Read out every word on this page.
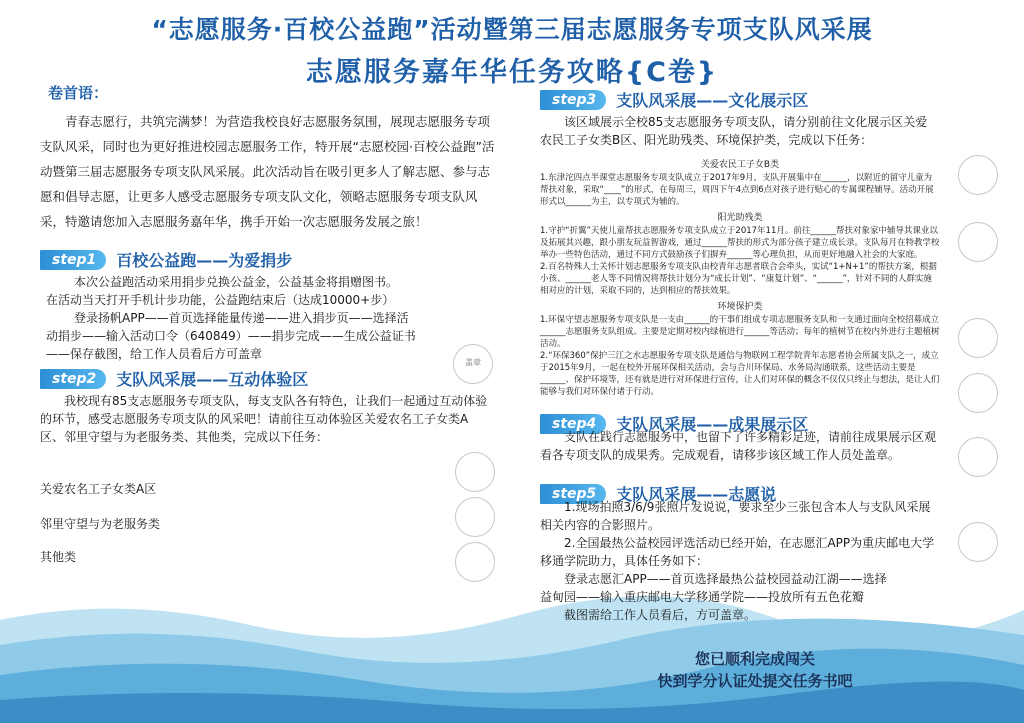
“志愿服务·百校公益跑”活动暨第三届志愿服务专项支队风采展
志愿服务嘉年华任务攻略{C卷}
卷首语：

青春志愿行，共筑完满梦！为营造我校良好志愿服务氛围，展现志愿服务专项支队风采，同时也为更好推进校园志愿服务工作，特开展“志愿校园·百校公益跑”活动暨第三届志愿服务专项支队风采展。此次活动旨在吸引更多人了解志愿、参与志愿和倡导志愿，让更多人感受志愿服务专项支队文化，领略志愿服务专项支队风采，特邀请您加入志愿服务嘉年华，携手开始一次志愿服务发展之旅！

step1	百校公益跑——为爱捐步

本次公益跑活动采用捐步兑换公益金，公益基金将捐赠图书。

在活动当天打开手机计步功能，公益跑结束后（达成10000+步）

登录扬帆APP——首页选择能量传递——进入捐步页——选择活

动捐步——输入活动口令（640849）——捐步完成——生成公益证书

——保存截图，给工作人员看后方可盖章

step2	支队风采展——互动体验区

我校现有85支志愿服务专项支队，每支支队各有特色，让我们一起通过互动体验的环节，感受志愿服务专项支队的风采吧！请前往互动体验区关爱农名工子女类A区、邻里守望与为老服务类、其他类，完成以下任务：

盖章
关爱农名工子女类A区
邻里守望与为老服务类
其他类
step3	支队风采展——文化展示区

该区域展示全校85支志愿服务专项支队，请分别前往文化展示区关爱农民工子女类B区、阳光助残类、环境保护类，完成以下任务：

关爱农民工子女B类

1.东津沱四点半课堂志愿服务专项支队成立于2017年9月，支队开展集中在______，以附近的留守儿童为帮扶对象，采取“____”的形式，在每周三，周四下午4点到6点对孩子进行贴心的专属课程辅导。活动开展形式以______为主，以专项式为辅的。

阳光助残类

1.守护“折翼”天使儿童帮扶志愿服务专项支队成立于2017年11月。前往______帮扶对象家中辅导其课业以及拓展其兴趣，跟小朋友玩益智游戏，通过______帮扶的形式为部分孩子建立成长录。支队每月在特教学校举办一些特色活动，通过不同方式鼓励孩子们摒弃______等心理负担，从而更好地融入社会的大家庭。

2.百名特殊人士关怀计划志愿服务专项支队由校青年志愿者联合会牵头，实试“1+N+1”的帮扶方案，根据小孩、______老人等不同情况将帮扶计划分为“成长计划”、“康复计划”、“______”，针对不同的人群实施相对应的计划，采取不同的，达到相应的帮扶效果。

环境保护类

1.环保守望志愿服务专项支队是一支由______的干事们组成专项志愿服务支队和一支通过面向全校招募成立______志愿服务支队组成。主要是定期对校内绿植进行______等活动；每年的植树节在校内外进行主题植树活动。

2.“环保360”保护三江之水志愿服务专项支队是通信与物联网工程学院青年志愿者协会所属支队之一，成立于2015年9月，一起在校外开展环保相关活动，会与合川环保局、水务局沟通联系，这些活动主要是______、保护环境等，还有就是进行对环保进行宣传，让人们对环保的概念不仅仅只终止与想法，是让人们能够与我们对环保付诸于行动。

step4	支队风采展——成果展示区

支队在践行志愿服务中，也留下了许多精彩足迹，请前往成果展示区观看各专项支队的成果秀。完成观看，请移步该区域工作人员处盖章。

step5	支队风采展——志愿说

1.现场拍照3/6/9张照片发说说，要求至少三张包含本人与支队风采展相关内容的合影照片。

2.全国最热公益校园评选活动已经开始，在志愿汇APP为重庆邮电大学移通学院助力，具体任务如下：

登录志愿汇APP——首页选择最热公益校园益动江湖——选择

益甸园——输入重庆邮电大学移通学院——投放所有五色花瓣

截图需给工作人员看后，方可盖章。

您已顺利完成闯关
快到学分认证处提交任务书吧
